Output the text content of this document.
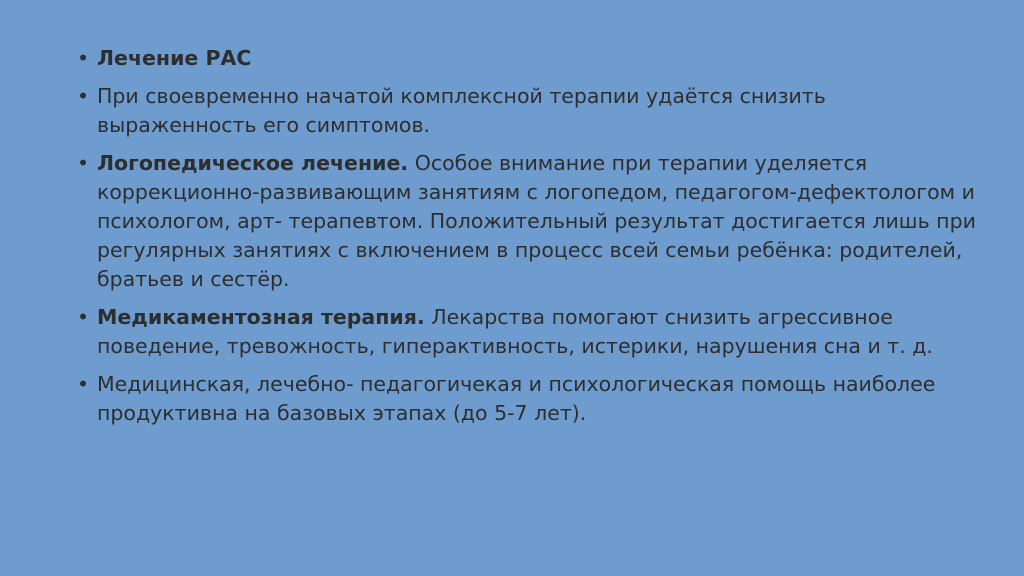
• Лечение РАС
• При своевременно начатой комплексной терапии удаётся снизить выраженность его симптомов.
• Логопедическое лечение. Особое внимание при терапии уделяется коррекционно-развивающим занятиям с логопедом, педагогом-дефектологом и психологом, арт- терапевтом. Положительный результат достигается лишь при регулярных занятиях с включением в процесс всей семьи ребёнка: родителей, братьев и сестёр.
• Медикаментозная терапия. Лекарства помогают снизить агрессивное поведение, тревожность, гиперактивность, истерики, нарушения сна и т. д.
• Медицинская, лечебно- педагогичекая и психологическая помощь наиболее продуктивна на базовых этапах (до 5-7 лет).
